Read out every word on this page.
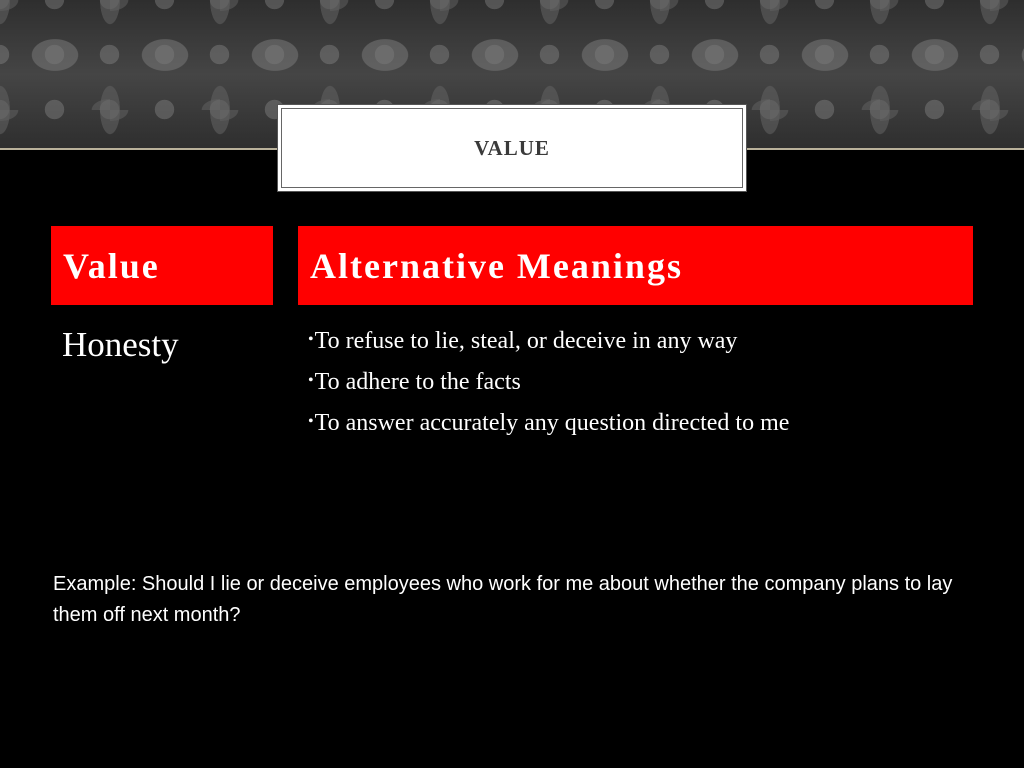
VALUE
Value	Alternative Meanings
Honesty	•To refuse to lie, steal, or deceive in any way
•To adhere to the facts
•To answer accurately any question directed to me
Example: Should I lie or deceive employees who work for me about whether the company plans to lay them off next month?
